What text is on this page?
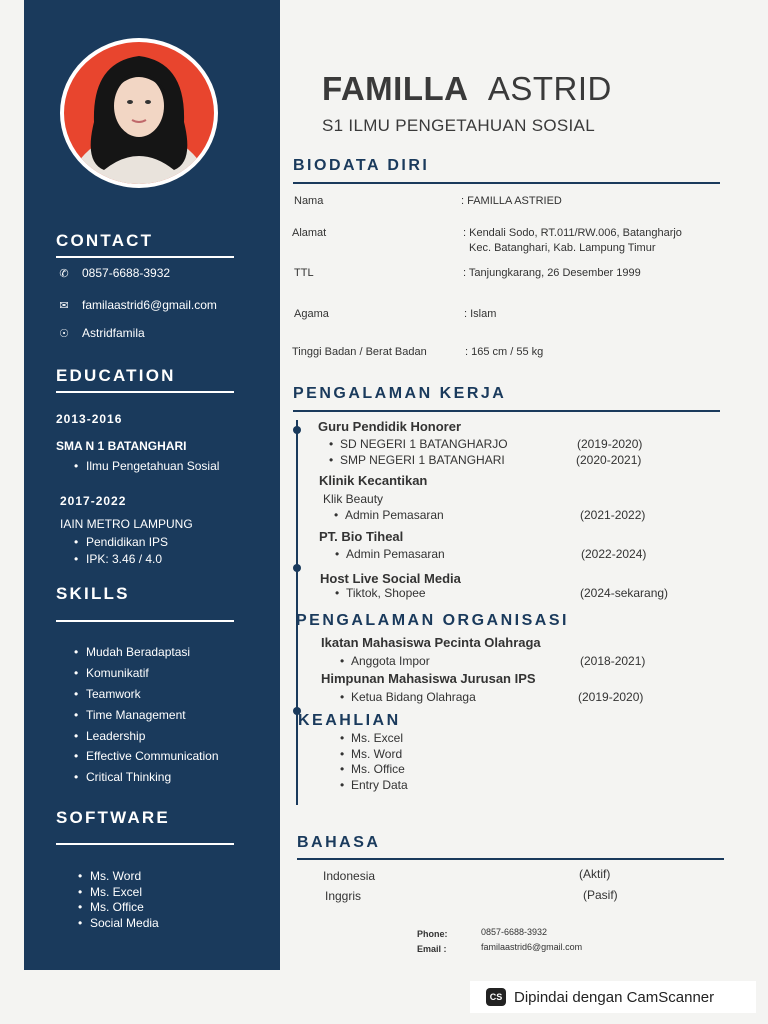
CONTACT
✆ 0857-6688-3932
✉ familaastrid6@gmail.com
☉ Astridfamila
EDUCATION
2013-2016
SMA N 1 BATANGHARI
• Ilmu Pengetahuan Sosial
2017-2022
IAIN METRO LAMPUNG
• Pendidikan IPS
• IPK: 3.46 / 4.0
SKILLS
• Mudah Beradaptasi
• Komunikatif
• Teamwork
• Time Management
• Leadership
• Effective Communication
• Critical Thinking
SOFTWARE
• Ms. Word
• Ms. Excel
• Ms. Office
• Social Media
FAMILLA ASTRID
S1 ILMU PENGETAHUAN SOSIAL
BIODATA DIRI
Nama	: FAMILLA ASTRIED
Alamat	: Kendali Sodo, RT.011/RW.006, Batangharjo
Kec. Batanghari, Kab. Lampung Timur
TTL	: Tanjungkarang, 26 Desember 1999
Agama	: Islam
Tinggi Badan / Berat Badan	: 165 cm / 55 kg
PENGALAMAN KERJA
Guru Pendidik Honorer
• SD NEGERI 1 BATANGHARJO	(2019-2020)
• SMP NEGERI 1 BATANGHARI	(2020-2021)
Klinik Kecantikan
Klik Beauty
• Admin Pemasaran	(2021-2022)
PT. Bio Tiheal
• Admin Pemasaran	(2022-2024)
Host Live Social Media
• Tiktok, Shopee	(2024-sekarang)
PENGALAMAN ORGANISASI
Ikatan Mahasiswa Pecinta Olahraga
• Anggota Impor	(2018-2021)
Himpunan Mahasiswa Jurusan IPS
• Ketua Bidang Olahraga	(2019-2020)
KEAHLIAN
• Ms. Excel
• Ms. Word
• Ms. Office
• Entry Data
BAHASA
Indonesia	(Aktif)
Inggris	(Pasif)
Phone:	0857-6688-3932
Email :	familaastrid6@gmail.com
CS Dipindai dengan CamScanner
